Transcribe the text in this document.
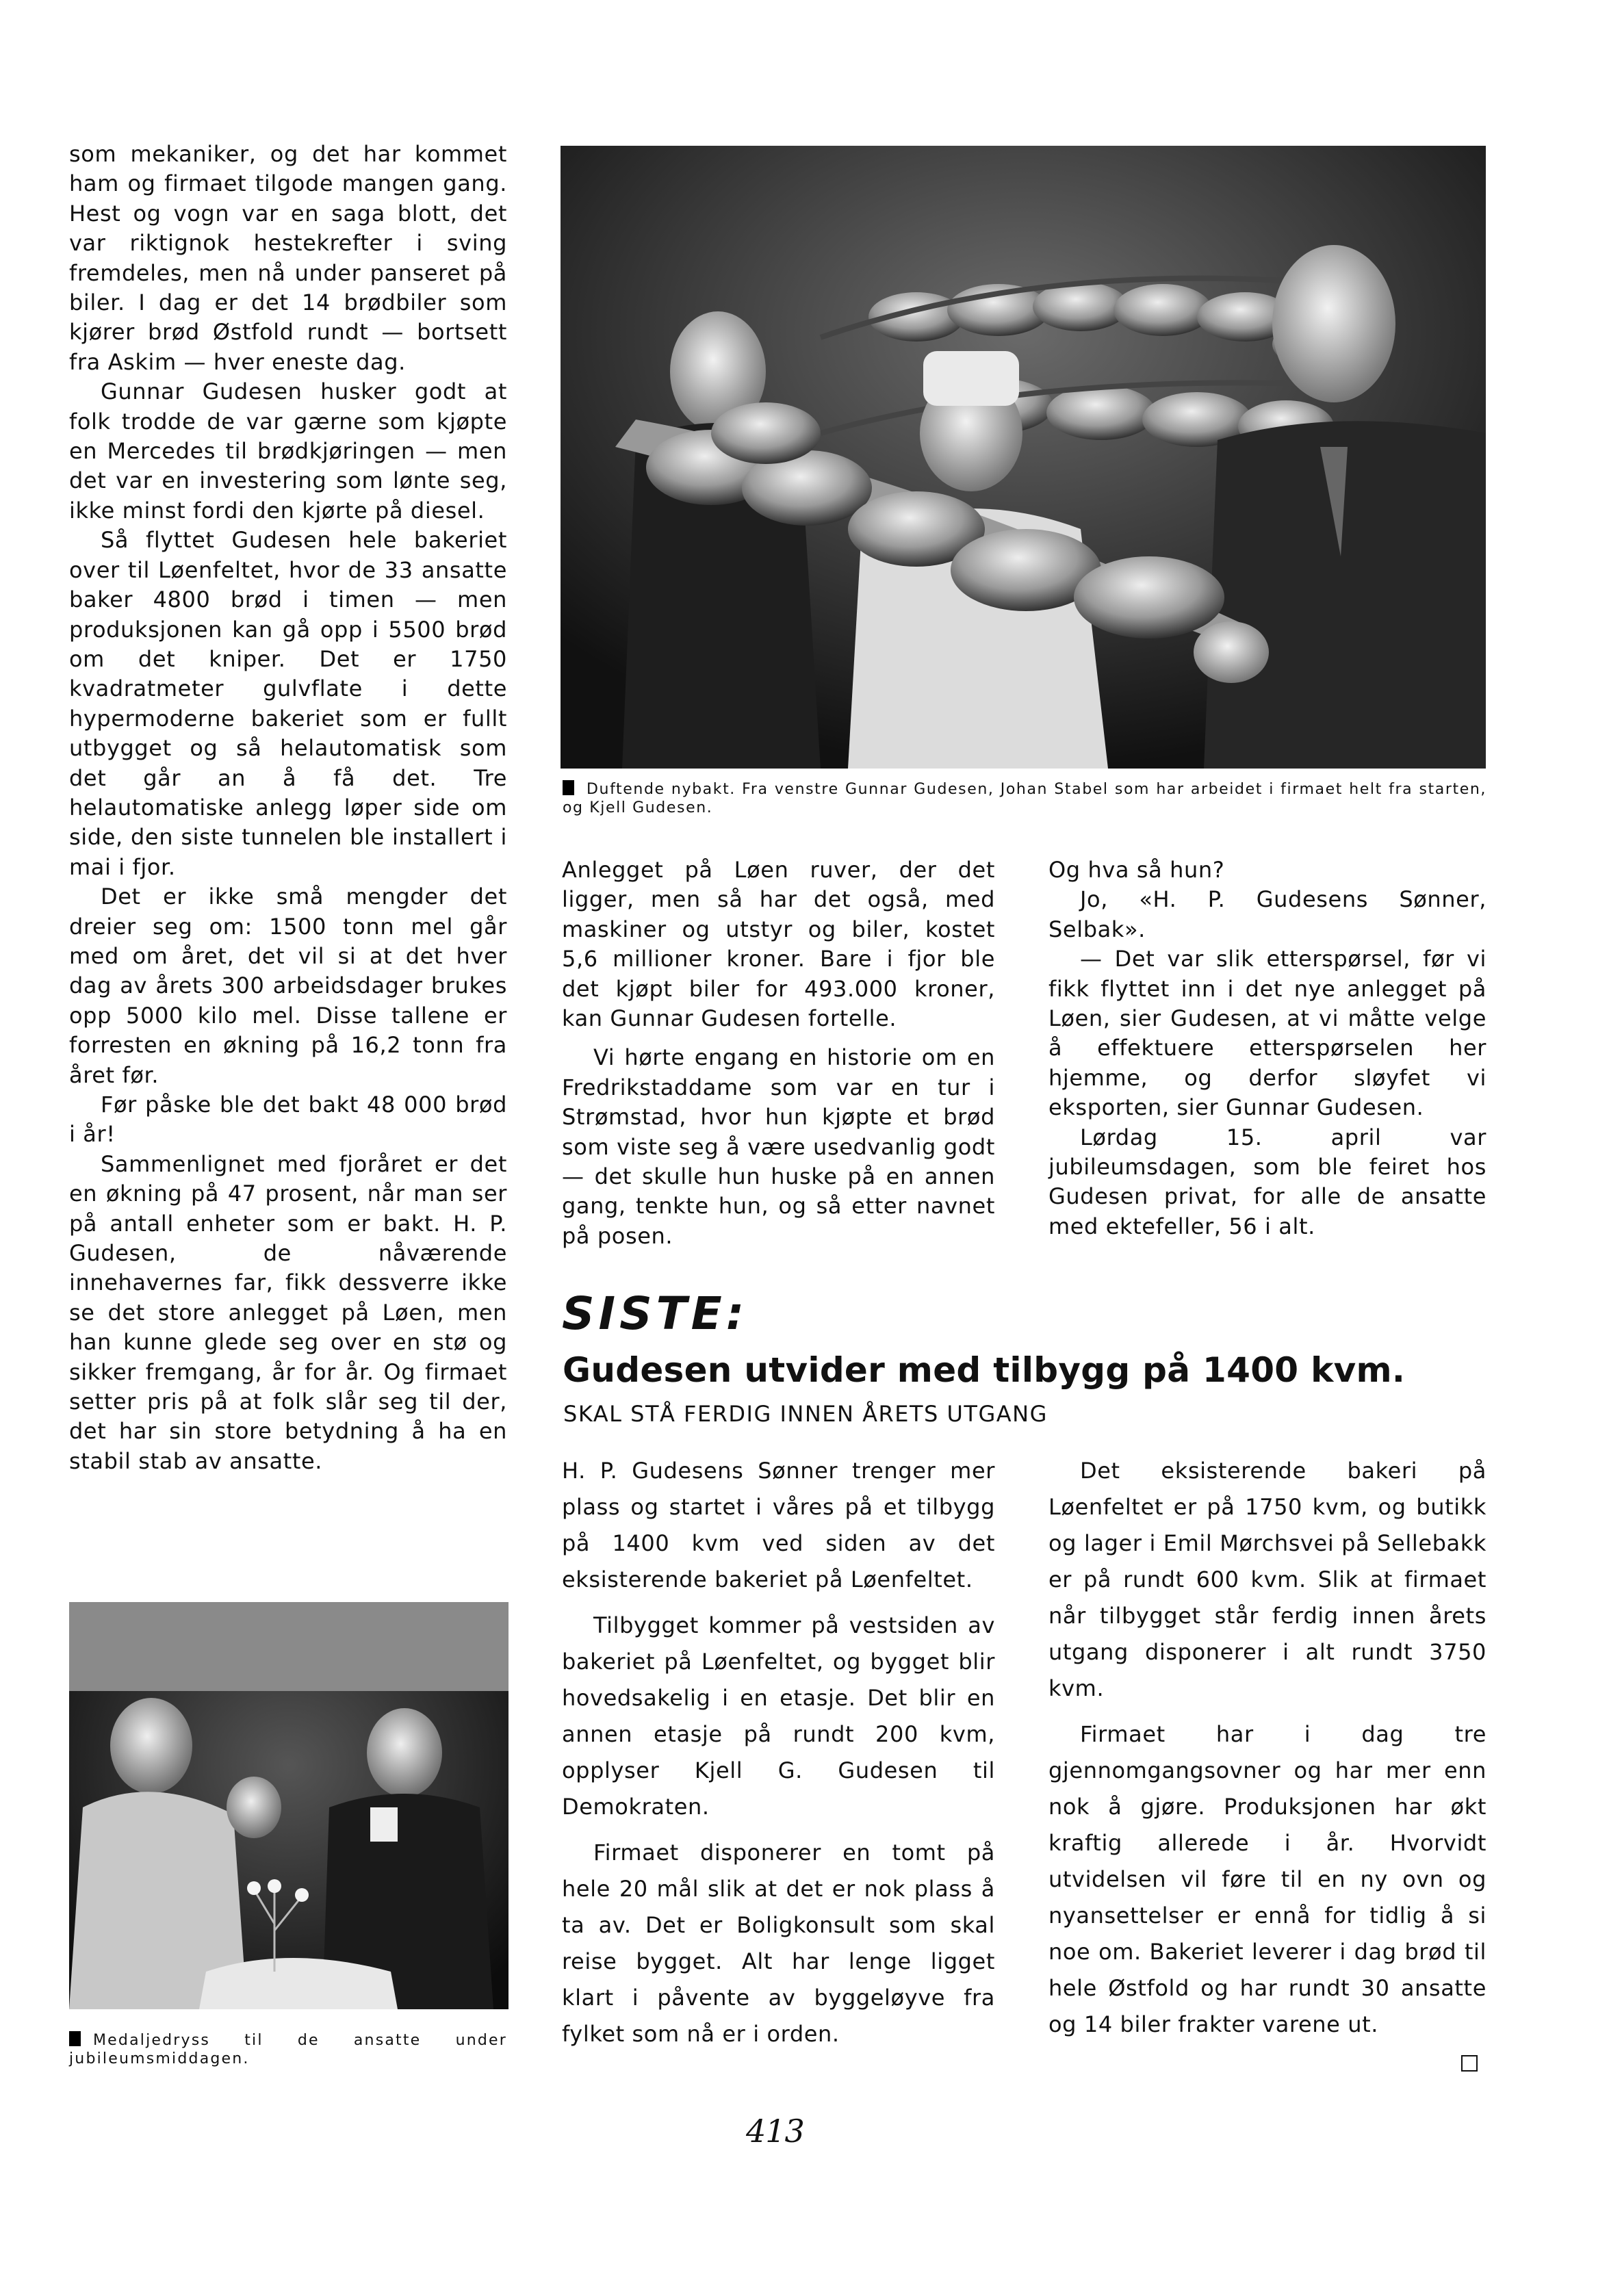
som mekaniker, og det har kommet ham og firmaet tilgode mangen gang. Hest og vogn var en saga blott, det var riktignok hestekrefter i sving fremdeles, men nå under panseret på biler. I dag er det 14 brødbiler som kjører brød Østfold rundt — bortsett fra Askim — hver eneste dag.

Gunnar Gudesen husker godt at folk trodde de var gærne som kjøpte en Mercedes til brødkjøringen — men det var en investering som lønte seg, ikke minst fordi den kjørte på diesel.

Så flyttet Gudesen hele bakeriet over til Løenfeltet, hvor de 33 ansatte baker 4800 brød i timen — men produksjonen kan gå opp i 5500 brød om det kniper. Det er 1750 kvadratmeter gulvflate i dette hypermoderne bakeriet som er fullt utbygget og så helautomatisk som det går an å få det. Tre helautomatiske anlegg løper side om side, den siste tunnelen ble installert i mai i fjor.

Det er ikke små mengder det dreier seg om: 1500 tonn mel går med om året, det vil si at det hver dag av årets 300 arbeidsdager brukes opp 5000 kilo mel. Disse tallene er forresten en økning på 16,2 tonn fra året før.

Før påske ble det bakt 48 000 brød i år!

Sammenlignet med fjoråret er det en økning på 47 prosent, når man ser på antall enheter som er bakt. H. P. Gudesen, de nåværende innehavernes far, fikk dessverre ikke se det store anlegget på Løen, men han kunne glede seg over en stø og sikker fremgang, år for år. Og firmaet setter pris på at folk slår seg til der, det har sin store betydning å ha en stabil stab av ansatte.

Duftende nybakt. Fra venstre Gunnar Gudesen, Johan Stabel som har arbeidet i firmaet helt fra starten, og Kjell Gudesen.

Anlegget på Løen ruver, der det ligger, men så har det også, med maskiner og utstyr og biler, kostet 5,6 millioner kroner. Bare i fjor ble det kjøpt biler for 493.000 kroner, kan Gunnar Gudesen fortelle.

Vi hørte engang en historie om en Fredrikstaddame som var en tur i Strømstad, hvor hun kjøpte et brød som viste seg å være usedvanlig godt — det skulle hun huske på en annen gang, tenkte hun, og så etter navnet på posen.

Og hva så hun?

Jo, «H. P. Gudesens Sønner, Selbak».

— Det var slik etterspørsel, før vi fikk flyttet inn i det nye anlegget på Løen, sier Gudesen, at vi måtte velge å effektuere etterspørselen her hjemme, og derfor sløyfet vi eksporten, sier Gunnar Gudesen.

Lørdag 15. april var jubileumsdagen, som ble feiret hos Gudesen privat, for alle de ansatte med ektefeller, 56 i alt.

SISTE:
Gudesen utvider med tilbygg på 1400 kvm.
SKAL STÅ FERDIG INNEN ÅRETS UTGANG

H. P. Gudesens Sønner trenger mer plass og startet i våres på et tilbygg på 1400 kvm ved siden av det eksisterende bakeriet på Løenfeltet.

Tilbygget kommer på vestsiden av bakeriet på Løenfeltet, og bygget blir hovedsakelig i en etasje. Det blir en annen etasje på rundt 200 kvm, opplyser Kjell G. Gudesen til Demokraten.

Firmaet disponerer en tomt på hele 20 mål slik at det er nok plass å ta av. Det er Boligkonsult som skal reise bygget. Alt har lenge ligget klart i påvente av byggeløyve fra fylket som nå er i orden.

Det eksisterende bakeri på Løenfeltet er på 1750 kvm, og butikk og lager i Emil Mørchsvei på Sellebakk er på rundt 600 kvm. Slik at firmaet når tilbygget står ferdig innen årets utgang disponerer i alt rundt 3750 kvm.

Firmaet har i dag tre gjennomgangsovner og har mer enn nok å gjøre. Produksjonen har økt kraftig allerede i år. Hvorvidt utvidelsen vil føre til en ny ovn og nyansettelser er ennå for tidlig å si noe om. Bakeriet leverer i dag brød til hele Østfold og har rundt 30 ansatte og 14 biler frakter varene ut.

Medaljedryss til de ansatte under jubileumsmiddagen.
413
